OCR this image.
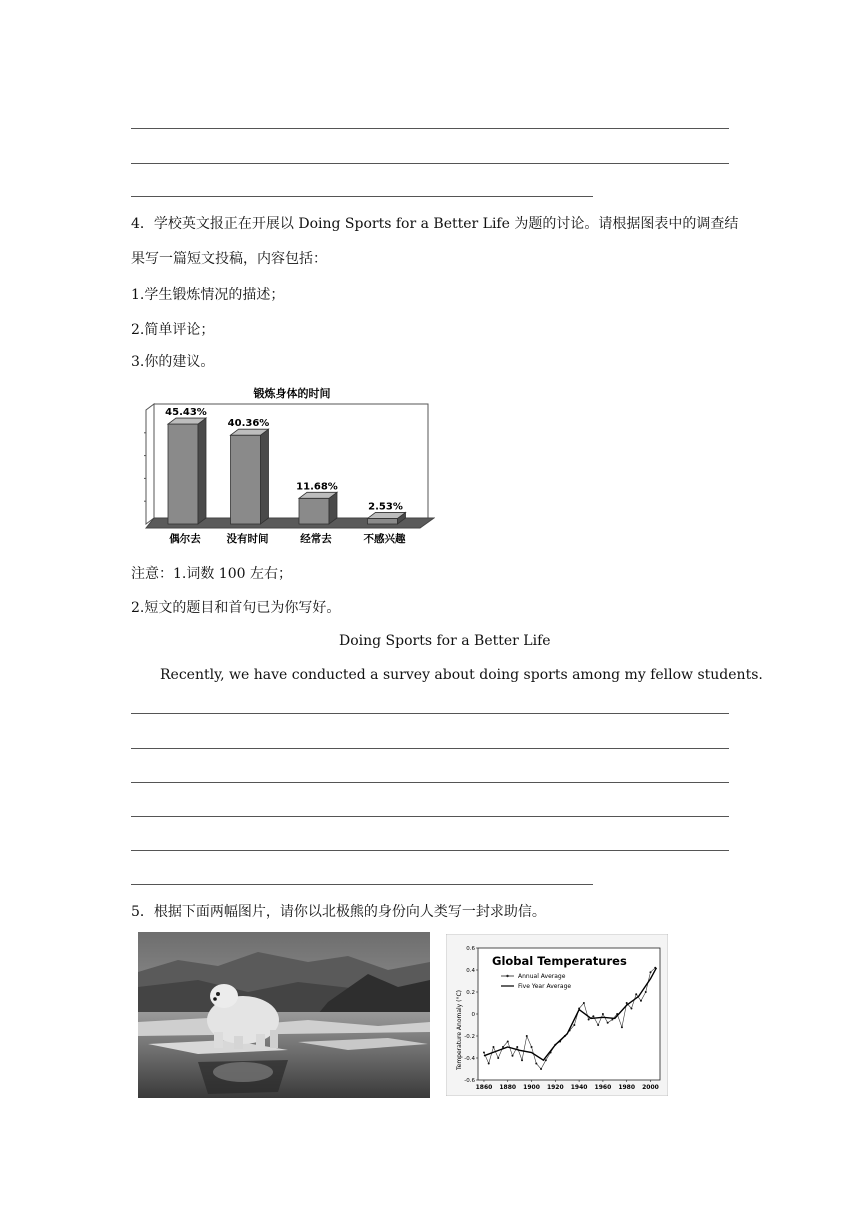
4．学校英文报正在开展以 Doing Sports for a Better Life 为题的讨论。请根据图表中的调查结
果写一篇短文投稿，内容包括：
1.学生锻炼情况的描述；
2.简单评论；
3.你的建议。
锻炼身体的时间
45.43%
偶尔去
40.36%
没有时间
11.68%
经常去
2.53%
不感兴趣
注意：1.词数 100 左右；
2.短文的题目和首句已为你写好。
Doing Sports for a Better Life
Recently, we have conducted a survey about doing sports among my fellow students.
5．根据下面两幅图片，请你以北极熊的身份向人类写一封求助信。
1860 1880 1900 1920 1940 1960 1980 2000
0.6
0.4
0.2
0
-0.2
-0.4
-0.6
Global Temperatures
Temperature Anomaly (°C)
Annual Average
Five Year Average
